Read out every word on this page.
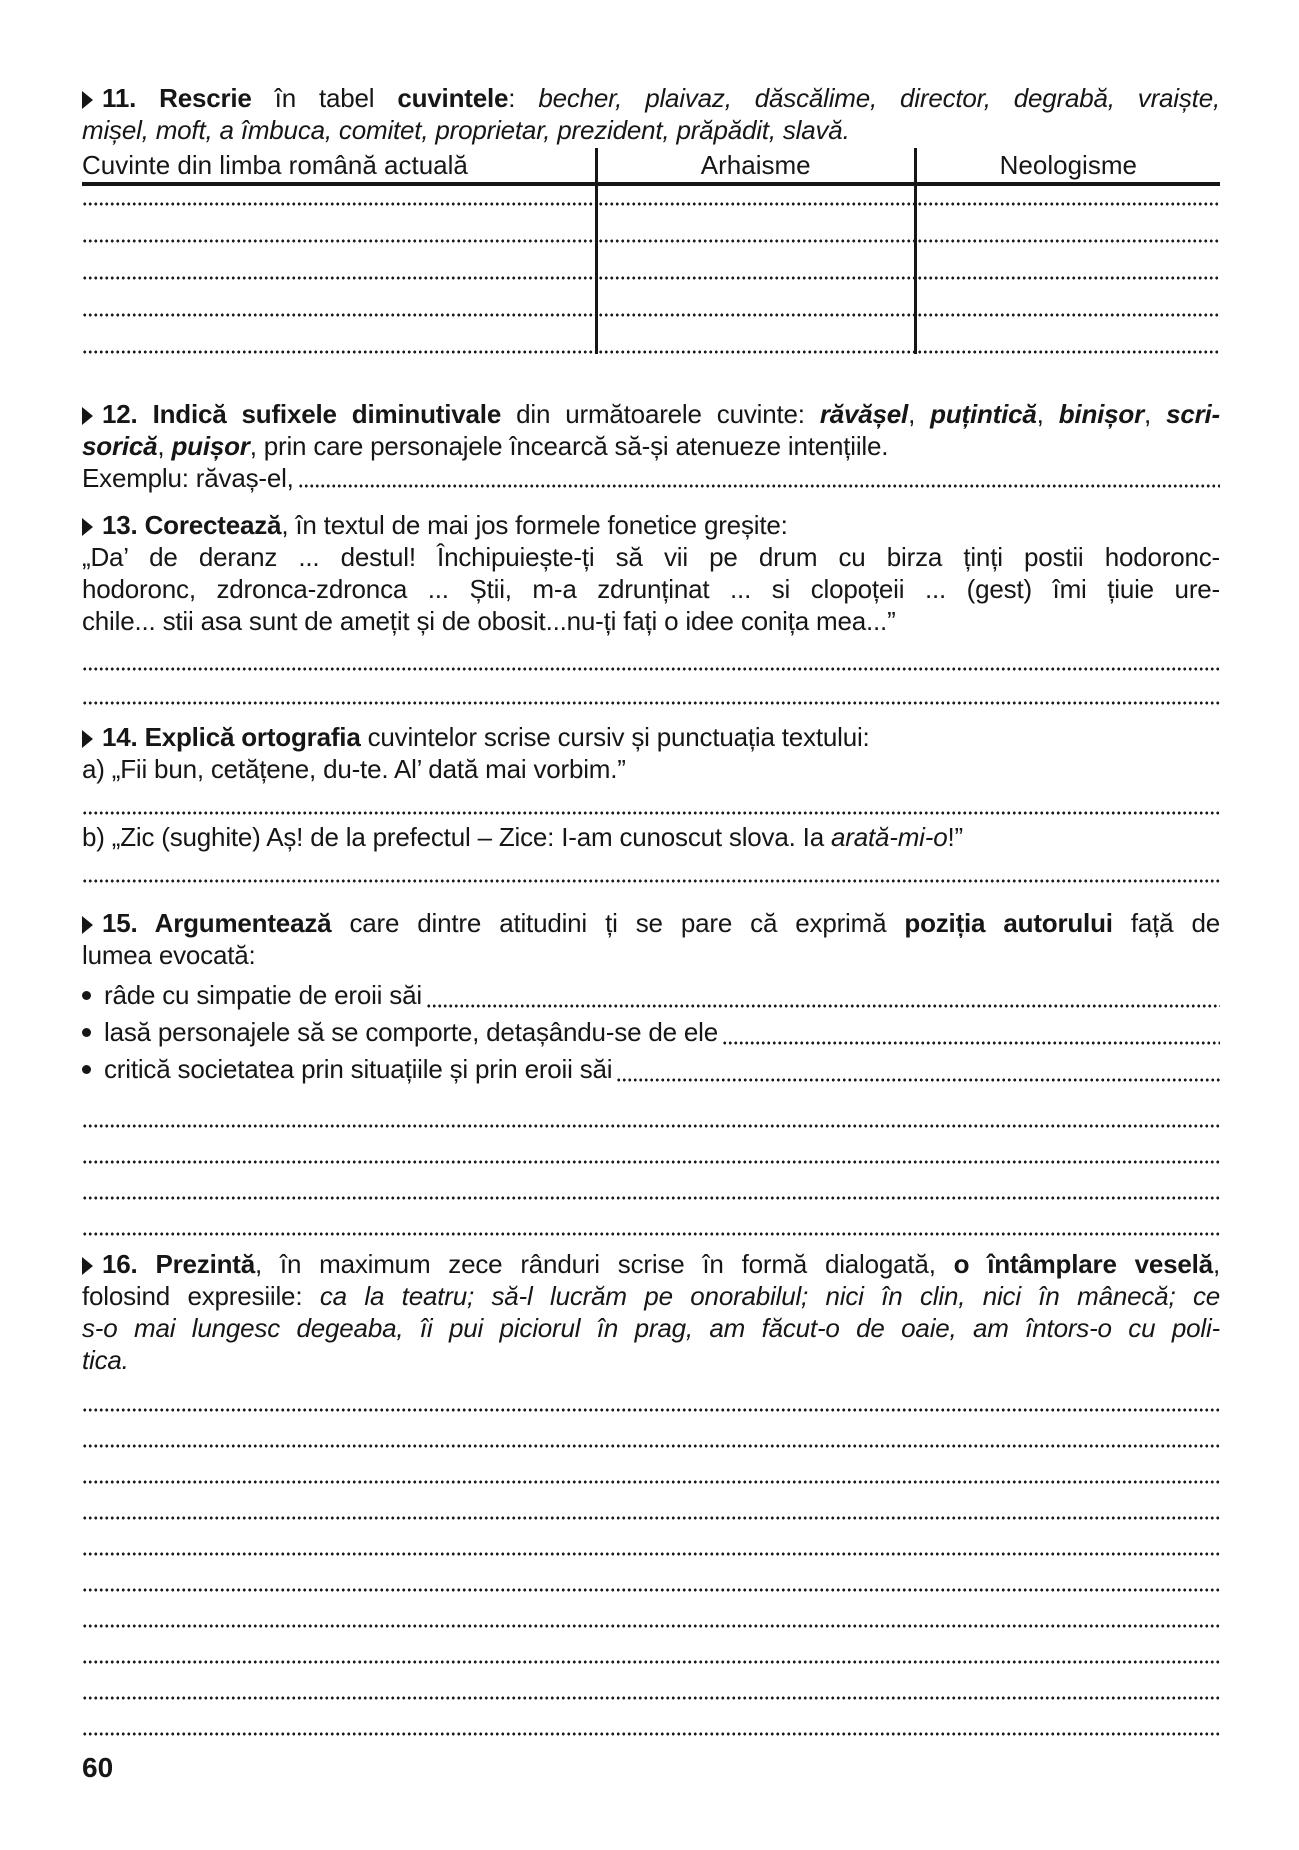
11. Rescrie în tabel cuvintele: becher, plaivaz, dăscălime, director, degrabă, vraiște,
mișel, moft, a îmbuca, comitet, proprietar, prezident, prăpădit, slavă.
Cuvinte din limba română actuală	Arhaisme	Neologisme
12. Indică sufixele diminutivale din următoarele cuvinte: răvășel, puțintică, binișor, scri-
sorică, puișor, prin care personajele încearcă să-și atenueze intențiile.
Exemplu: răvaș-el,
13. Corectează, în textul de mai jos formele fonetice greșite:
„Da’ de deranz ... destul! Închipuiește-ți să vii pe drum cu birza ținți postii hodoronc-
hodoronc, zdronca-zdronca ... Știi, m-a zdrunținat ... si clopoțeii ... (gest) îmi țiuie ure-
chile... stii asa sunt de amețit și de obosit...nu-ți fați o idee conița mea...”
14. Explică ortografia cuvintelor scrise cursiv și punctuația textului:
a) „Fii bun, cetățene, du-te. Al’ dată mai vorbim.”
b) „Zic (sughite) Aș! de la prefectul – Zice: I-am cunoscut slova. Ia arată-mi-o!”
15. Argumentează care dintre atitudini ți se pare că exprimă poziția autorului față de
lumea evocată:
râde cu simpatie de eroii săi
lasă personajele să se comporte, detașându-se de ele
critică societatea prin situațiile și prin eroii săi
16. Prezintă, în maximum zece rânduri scrise în formă dialogată, o întâmplare veselă,
folosind expresiile: ca la teatru; să-l lucrăm pe onorabilul; nici în clin, nici în mânecă; ce
s-o mai lungesc degeaba, îi pui piciorul în prag, am făcut-o de oaie, am întors-o cu poli-
tica.
60
